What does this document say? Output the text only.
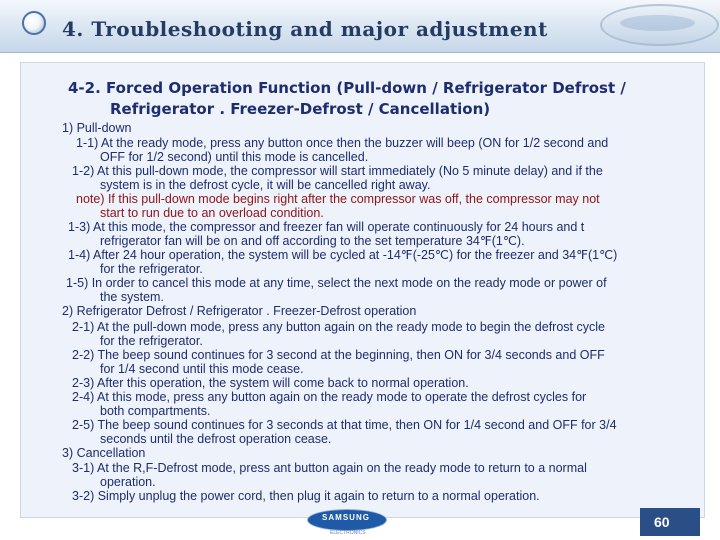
4. Troubleshooting and major adjustment
4-2. Forced Operation Function (Pull-down / Refrigerator Defrost /
Refrigerator . Freezer-Defrost / Cancellation)
1) Pull-down
1-1) At the ready mode, press any button once then the buzzer will beep (ON for 1/2 second and
OFF for 1/2 second) until this mode is cancelled.
1-2) At this pull-down mode, the compressor will start immediately (No 5 minute delay) and if the
system is in the defrost cycle, it will be cancelled right away.
note) If this pull-down mode begins right after the compressor was off, the compressor may not
start to run due to an overload condition.
1-3) At this mode, the compressor and freezer fan will operate continuously for 24 hours and t
refrigerator fan will be on and off according to the set temperature 34℉(1℃).
1-4) After 24 hour operation, the system will be cycled at -14℉(-25℃) for the freezer and 34℉(1℃)
for the refrigerator.
1-5) In order to cancel this mode at any time, select the next mode on the ready mode or power of
the system.
2) Refrigerator Defrost / Refrigerator . Freezer-Defrost operation
2-1) At the pull-down mode, press any button again on the ready mode to begin the defrost cycle
for the refrigerator.
2-2) The beep sound continues for 3 second at the beginning, then ON for 3/4 seconds and OFF
for 1/4 second until this mode cease.
2-3) After this operation, the system will come back to normal operation.
2-4) At this mode, press any button again on the ready mode to operate the defrost cycles for
both compartments.
2-5) The beep sound continues for 3 seconds at that time, then ON for 1/4 second and OFF for 3/4
seconds until the defrost operation cease.
3) Cancellation
3-1) At the R,F-Defrost mode, press ant button again on the ready mode to return to a normal
operation.
3-2) Simply unplug the power cord, then plug it again to return to a normal operation.
SAMSUNG
ELECTRONICS
60
